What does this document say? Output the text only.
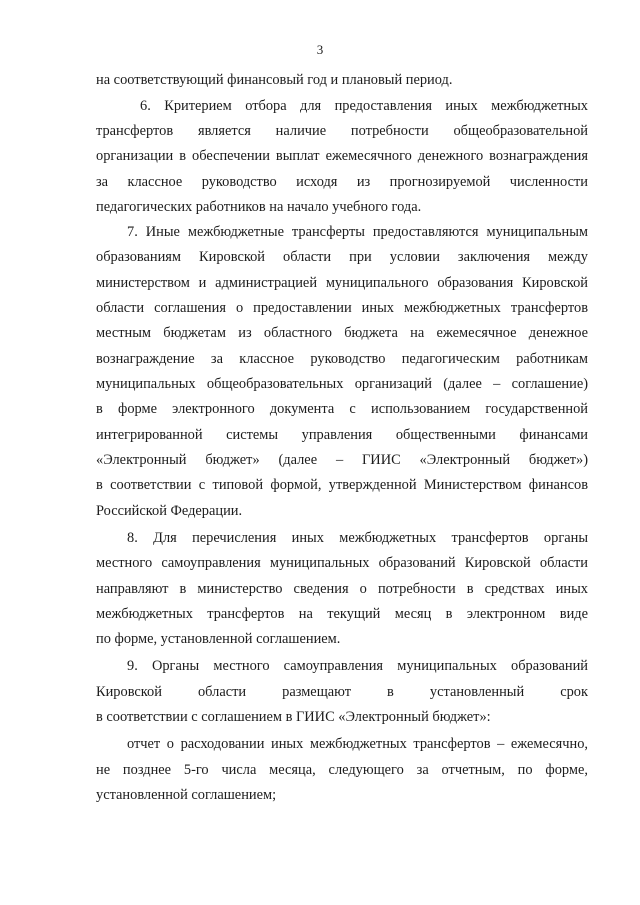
3
на соответствующий финансовый год и плановый период.
6. Критерием отбора для предоставления иных межбюджетных
трансфертов является наличие потребности общеобразовательной
организации в обеспечении выплат ежемесячного денежного вознаграждения
за классное руководство исходя из прогнозируемой численности
педагогических работников на начало учебного года.
7. Иные межбюджетные трансферты предоставляются муниципальным
образованиям Кировской области при условии заключения между
министерством и администрацией муниципального образования Кировской
области соглашения о предоставлении иных межбюджетных трансфертов
местным бюджетам из областного бюджета на ежемесячное денежное
вознаграждение за классное руководство педагогическим работникам
муниципальных общеобразовательных организаций (далее – соглашение)
в форме электронного документа с использованием государственной
интегрированной системы управления общественными финансами
«Электронный бюджет» (далее – ГИИС «Электронный бюджет»)
в соответствии с типовой формой, утвержденной Министерством финансов
Российской Федерации.
8. Для перечисления иных межбюджетных трансфертов органы
местного самоуправления муниципальных образований Кировской области
направляют в министерство сведения о потребности в средствах иных
межбюджетных трансфертов на текущий месяц в электронном виде
по форме, установленной соглашением.
9. Органы местного самоуправления муниципальных образований
Кировской области размещают в установленный срок
в соответствии с соглашением в ГИИС «Электронный бюджет»:
отчет о расходовании иных межбюджетных трансфертов – ежемесячно,
не позднее 5-го числа месяца, следующего за отчетным, по форме,
установленной соглашением;
